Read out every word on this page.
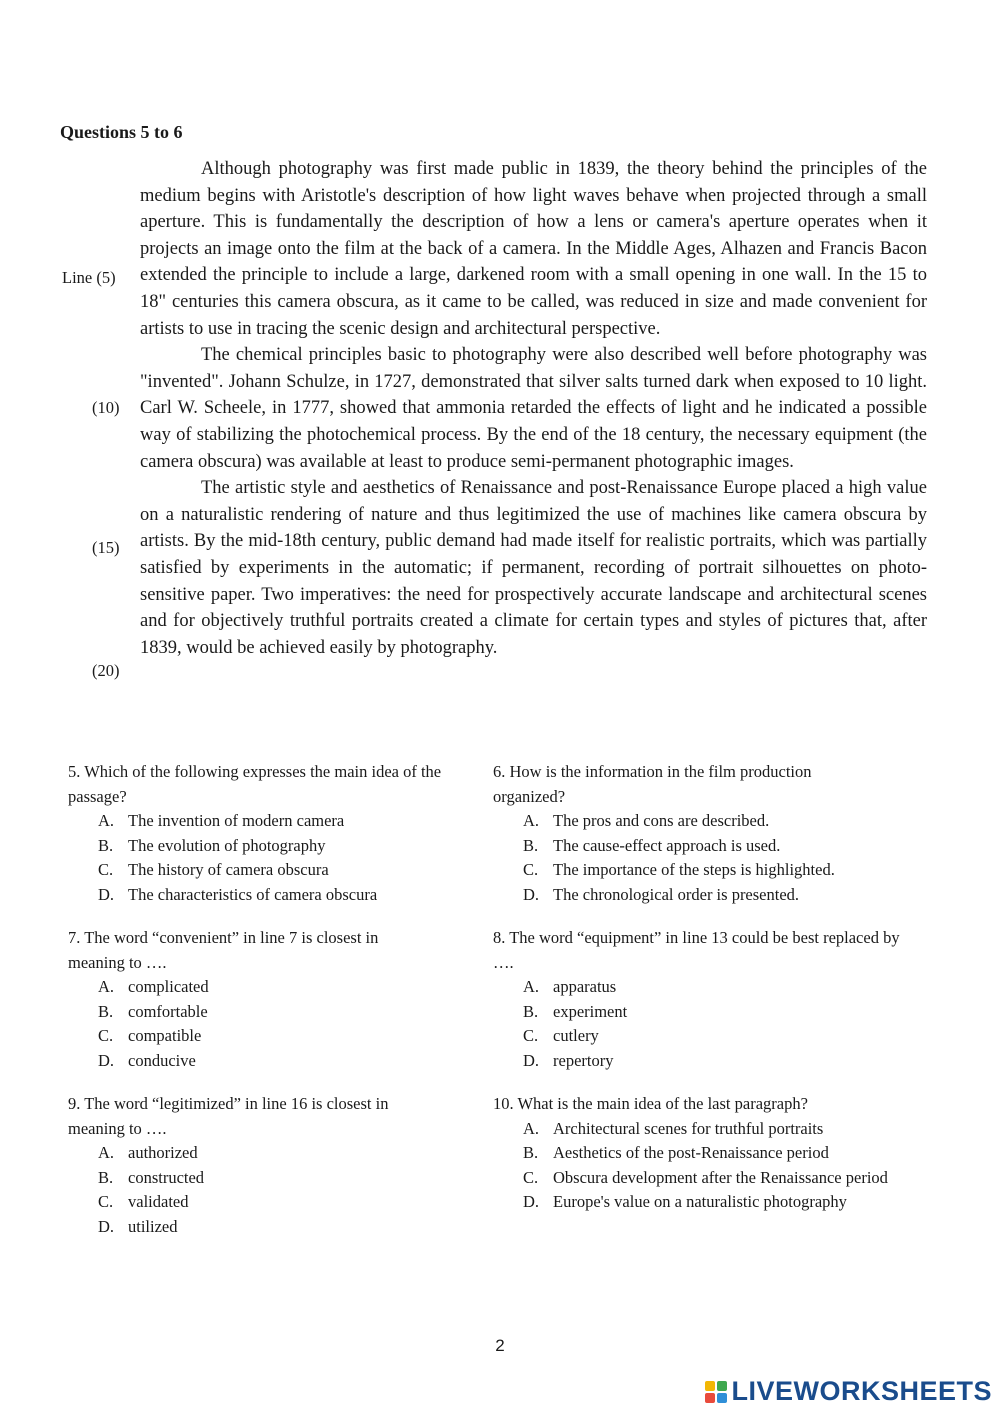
Questions 5 to 6

Although photography was first made public in 1839, the theory behind the principles of the medium begins with Aristotle's description of how light waves behave when projected through a small aperture. This is fundamentally the description of how a lens or camera's aperture operates when it projects an image onto the film at the back of a camera. In the Middle Ages, Alhazen and Francis Bacon extended the principle to include a large, darkened room with a small opening in one wall. In the 15 to 18" centuries this camera obscura, as it came to be called, was reduced in size and made convenient for artists to use in tracing the scenic design and architectural perspective.

The chemical principles basic to photography were also described well before photography was "invented". Johann Schulze, in 1727, demonstrated that silver salts turned dark when exposed to 10 light. Carl W. Scheele, in 1777, showed that ammonia retarded the effects of light and he indicated a possible way of stabilizing the photochemical process. By the end of the 18 century, the necessary equipment (the camera obscura) was available at least to produce semi-permanent photographic images.

The artistic style and aesthetics of Renaissance and post-Renaissance Europe placed a high value on a naturalistic rendering of nature and thus legitimized the use of machines like camera obscura by artists. By the mid-18th century, public demand had made itself for realistic portraits, which was partially satisfied by experiments in the automatic; if permanent, recording of portrait silhouettes on photo-sensitive paper. Two imperatives: the need for prospectively accurate landscape and architectural scenes and for objectively truthful portraits created a climate for certain types and styles of pictures that, after 1839, would be achieved easily by photography.

Line (5)
(10)
(15)
(20)

5. Which of the following expresses the main idea of the passage?

A. The invention of modern camera
B. The evolution of photography
C. The history of camera obscura
D. The characteristics of camera obscura

6. How is the information in the film production organized?

A. The pros and cons are described.
B. The cause-effect approach is used.
C. The importance of the steps is highlighted.
D. The chronological order is presented.

7. The word “convenient” in line 7 is closest in meaning to ….

A. complicated
B. comfortable
C. compatible
D. conducive

8. The word “equipment” in line 13 could be best replaced by ….

A. apparatus
B. experiment
C. cutlery
D. repertory

9. The word “legitimized” in line 16 is closest in meaning to ….

A. authorized
B. constructed
C. validated
D. utilized

10. What is the main idea of the last paragraph?

A. Architectural scenes for truthful portraits
B. Aesthetics of the post-Renaissance period
C. Obscura development after the Renaissance period
D. Europe's value on a naturalistic photography
2
LIVEWORKSHEETS
